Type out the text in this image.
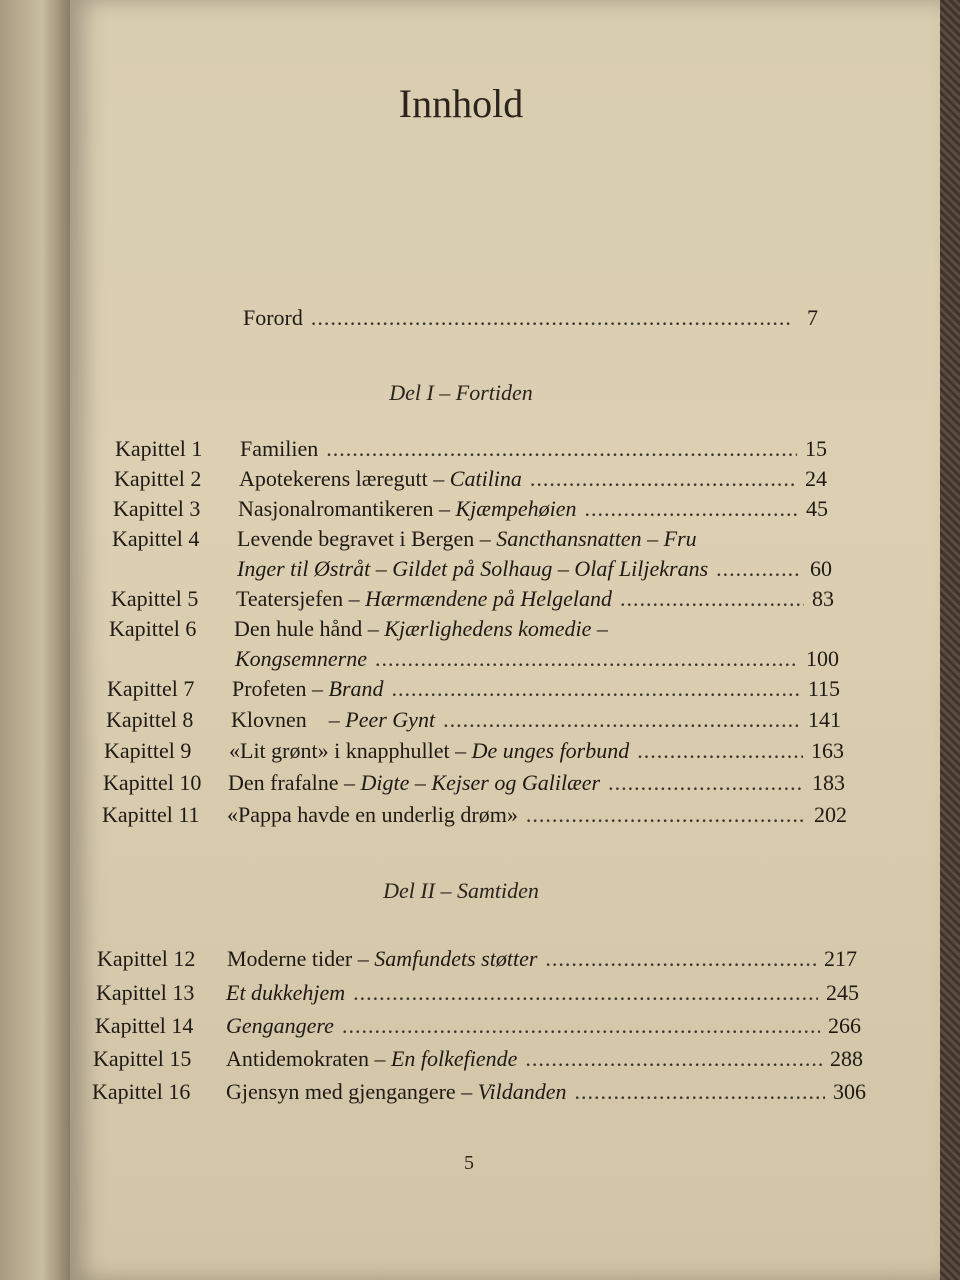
Innhold
Forord .....	7
Del I – Fortiden
Kapittel 1	Familien .....	15
Kapittel 2	Apotekerens læregutt – Catilina .....	24
Kapittel 3	Nasjonalromantikeren – Kjæmpehøien .....	45
Kapittel 4	Levende begravet i Bergen – Sancthansnatten – Fru
Inger til Østråt – Gildet på Solhaug – Olaf Liljekrans .....	60
Kapittel 5	Teatersjefen – Hærmændene på Helgeland .....	83
Kapittel 6	Den hule hånd – Kjærlighedens komedie –
Kongsemnerne .....	100
Kapittel 7	Profeten – Brand .....	115
Kapittel 8	Klovnen    – Peer Gynt .....	141
Kapittel 9	«Lit grønt» i knapphullet – De unges forbund .....	163
Kapittel 10	Den frafalne – Digte – Kejser og Galilæer .....	183
Kapittel 11	«Pappa havde en underlig drøm» .....	202
Del II – Samtiden
Kapittel 12	Moderne tider – Samfundets støtter .....	217
Kapittel 13	Et dukkehjem .....	245
Kapittel 14	Gengangere .....	266
Kapittel 15	Antidemokraten – En folkefiende .....	288
Kapittel 16	Gjensyn med gjengangere – Vildanden .....	306
5
